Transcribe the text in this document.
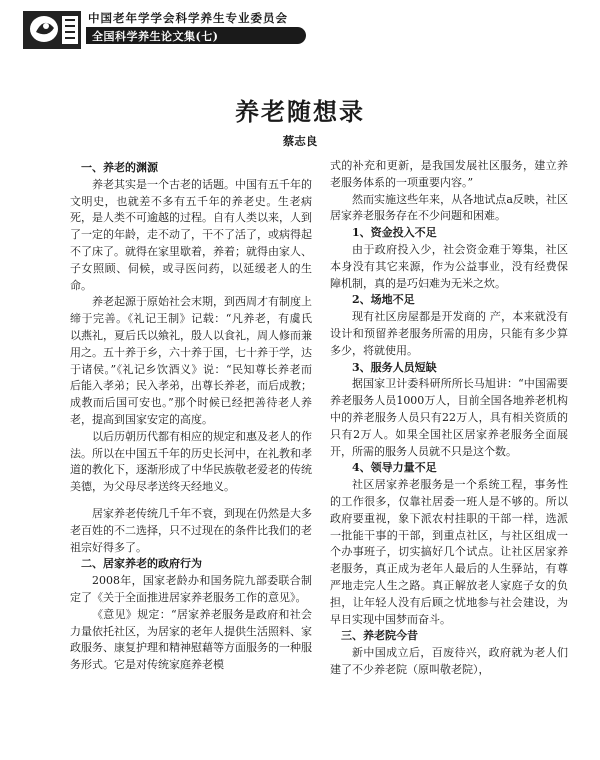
中国老年学学会科学养生专业委员会
全国科学养生论文集(七)
养老随想录
蔡志良

一、养老的渊源

养老其实是一个古老的话题。中国有五千年的文明史，也就差不多有五千年的养老史。生老病死，是人类不可逾越的过程。自有人类以来，人到了一定的年龄，走不动了，干不了活了，或病得起不了床了。就得在家里歇着，养着；就得由家人、子女照顾、伺候，或寻医问药，以延缓老人的生命。

养老起源于原始社会末期，到西周才有制度上缔于完善。《礼记王制》记载：“凡养老，有虞氏以燕礼，夏后氏以飨礼，殷人以食礼，周人修而兼用之。五十养于乡，六十养于国，七十养于学，达于诸侯。”《礼记乡饮酒义》说：“民知尊长养老而后能入孝弟；民入孝弟，出尊长养老，而后成教；成教而后国可安也。”那个时候已经把善待老人养老，提高到国家安定的高度。

以后历朝历代都有相应的规定和惠及老人的作法。所以在中国五千年的历史长河中，在礼教和孝道的教化下，逐渐形成了中华民族敬老爱老的传统美德，为父母尽孝送终天经地义。

居家养老传统几千年不衰，到现在仍然是大多老百姓的不二选择，只不过现在的条件比我们的老祖宗好得多了。

二、居家养老的政府行为

2008年，国家老龄办和国务院九部委联合制定了《关于全面推进居家养老服务工作的意见》。

《意见》规定：“居家养老服务是政府和社会力量依托社区，为居家的老年人提供生活照料、家政服务、康复护理和精神慰藉等方面服务的一种服务形式。它是对传统家庭养老模

式的补充和更新，是我国发展社区服务，建立养老服务体系的一项重要内容。”

然而实施这些年来，从各地试点a反映，社区居家养老服务存在不少问题和困难。

1、资金投入不足

由于政府投入少，社会资金难于筹集，社区本身没有其它来源，作为公益事业，没有经费保障机制，真的是巧妇难为无米之炊。

2、场地不足

现有社区房屋都是开发商的 产，本来就没有设计和预留养老服务所需的用房，只能有多少算多少，将就使用。

3、服务人员短缺

据国家卫计委科研所所长马旭讲：“中国需要养老服务人员1000万人，目前全国各地养老机构中的养老服务人员只有22万人，具有相关资质的只有2万人。如果全国社区居家养老服务全面展开，所需的服务人员就不只是这个数。

4、领导力量不足

社区居家养老服务是一个系统工程，事务性的工作很多，仅靠社居委一班人是不够的。所以政府要重视，象下派农村挂职的干部一样，选派一批能干事的干部，到重点社区，与社区组成一个办事班子，切实搞好几个试点。让社区居家养老服务，真正成为老年人最后的人生驿站，有尊严地走完人生之路。真正解放老人家庭子女的负担，让年轻人没有后顾之忧地参与社会建设，为早日实现中国梦而奋斗。

三、养老院今昔

新中国成立后，百废待兴，政府就为老人们建了不少养老院（原叫敬老院），
